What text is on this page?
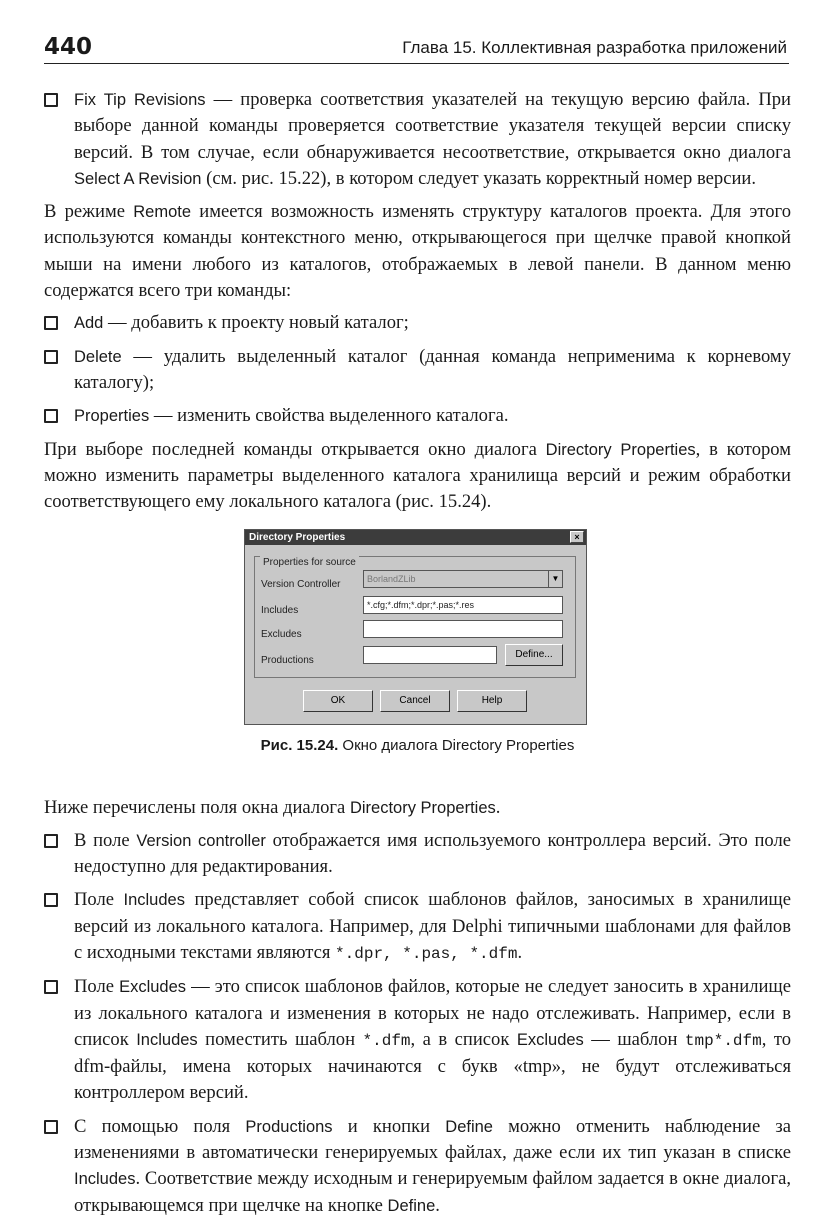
440	Глава 15. Коллективная разработка приложений

Fix Tip Revisions — проверка соответствия указателей на текущую версию файла. При выборе данной команды проверяется соответствие указателя текущей версии списку версий. В том случае, если обнаруживается несоответствие, открывается окно диалога Select A Revision (см. рис. 15.22), в котором следует указать корректный номер версии.

В режиме Remote имеется возможность изменять структуру каталогов проекта. Для этого используются команды контекстного меню, открывающегося при щелчке правой кнопкой мыши на имени любого из каталогов, отображаемых в левой панели. В данном меню содержатся всего три команды:

Add — добавить к проекту новый каталог;

Delete — удалить выделенный каталог (данная команда неприменима к корневому каталогу);

Properties — изменить свойства выделенного каталога.

При выборе последней команды открывается окно диалога Directory Properties, в котором можно изменить параметры выделенного каталога хранилища версий и режим обработки соответствующего ему локального каталога (рис. 15.24).

Directory Properties	×
Properties for source
Version Controller	BorlandZLib	▼
Includes	*.cfg;*.dfm;*.dpr;*.pas;*.res
Excludes
Productions
Define...
OK	Cancel	Help

Рис. 15.24. Окно диалога Directory Properties

Ниже перечислены поля окна диалога Directory Properties.

В поле Version controller отображается имя используемого контроллера версий. Это поле недоступно для редактирования.

Поле Includes представляет собой список шаблонов файлов, заносимых в хранилище версий из локального каталога. Например, для Delphi типичными шаблонами для файлов с исходными текстами являются *.dpr, *.pas, *.dfm.

Поле Excludes — это список шаблонов файлов, которые не следует заносить в хранилище из локального каталога и изменения в которых не надо отслеживать. Например, если в список Includes поместить шаблон *.dfm, а в список Excludes — шаблон tmp*.dfm, то dfm-файлы, имена которых начинаются с букв «tmp», не будут отслеживаться контроллером версий.

С помощью поля Productions и кнопки Define можно отменить наблюдение за изменениями в автоматически генерируемых файлах, даже если их тип указан в списке Includes. Соответствие между исходным и генерируемым файлом задается в окне диалога, открывающемся при щелчке на кнопке Define.
